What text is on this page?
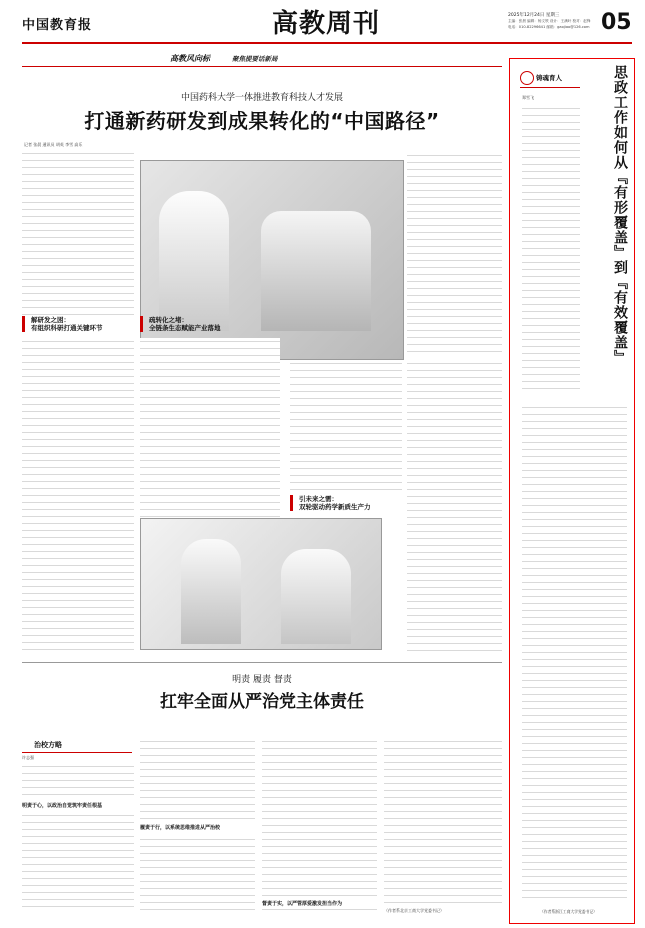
中国教育报	高教周刊	2025年12月24日 星期三
主编：张晨 编辑：杨文轶 设计：王满叶 校对：赵锋
电话：010-82296641 邮箱：gaojiao@126.com 05
高教风向标	聚焦提要话新局
中国药科大学一体推进教育科技人才发展
打通新药研发到成果转化的“中国路径”
记者 张晨 通讯员 胡英 李雪 高乐
解研发之困：
有组织科研打通关键环节
疏转化之堵：
全链条生态赋能产业落地
引未来之需：
双轮驱动药学新质生产力
明责 履责 督责
扛牢全面从严治党主体责任
治校方略
许志强
明责于心，以政治自觉筑牢责任根基
履责于行，以系统思维推进从严治校
督责于实，以严管厚爱激发担当作为
（作者系北京工商大学党委书记）
铸魂育人
郑雪飞	思政工作如何从『有形覆盖』到『有效覆盖』
（作者系浙江工商大学党委书记）
